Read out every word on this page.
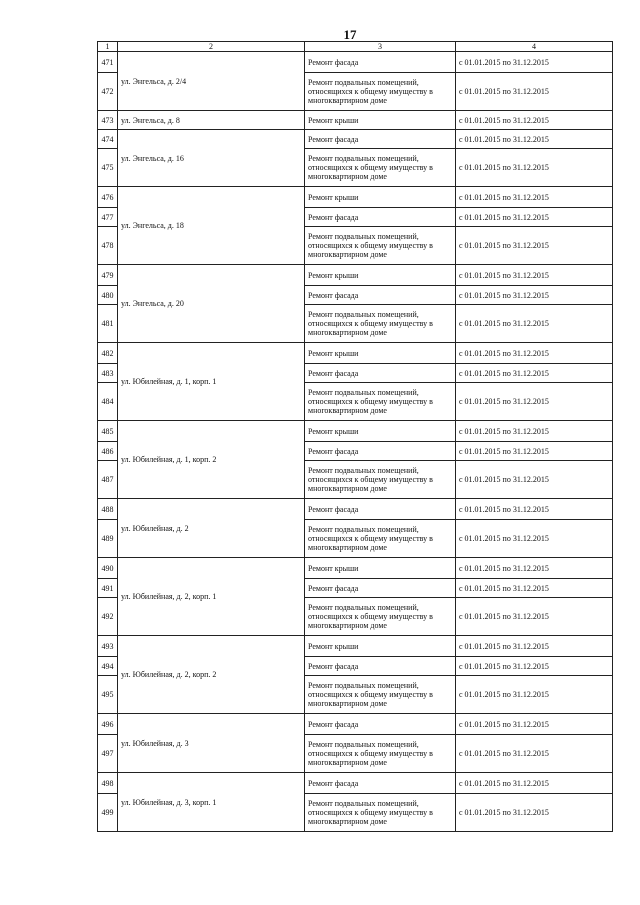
17
1	2	3	4
471	ул. Энгельса, д. 2/4	Ремонт фасада	с 01.01.2015 по 31.12.2015
472		Ремонт подвальных помещений, относящихся к общему имуществу в многоквартирном доме	с 01.01.2015 по 31.12.2015
473	ул. Энгельса, д. 8	Ремонт крыши	с 01.01.2015 по 31.12.2015
474	ул. Энгельса, д. 16	Ремонт фасада	с 01.01.2015 по 31.12.2015
475		Ремонт подвальных помещений, относящихся к общему имуществу в многоквартирном доме	с 01.01.2015 по 31.12.2015
476	ул. Энгельса, д. 18	Ремонт крыши	с 01.01.2015 по 31.12.2015
477		Ремонт фасада	с 01.01.2015 по 31.12.2015
478		Ремонт подвальных помещений, относящихся к общему имуществу в многоквартирном доме	с 01.01.2015 по 31.12.2015
479	ул. Энгельса, д. 20	Ремонт крыши	с 01.01.2015 по 31.12.2015
480		Ремонт фасада	с 01.01.2015 по 31.12.2015
481		Ремонт подвальных помещений, относящихся к общему имуществу в многоквартирном доме	с 01.01.2015 по 31.12.2015
482	ул. Юбилейная, д. 1, корп. 1	Ремонт крыши	с 01.01.2015 по 31.12.2015
483		Ремонт фасада	с 01.01.2015 по 31.12.2015
484		Ремонт подвальных помещений, относящихся к общему имуществу в многоквартирном доме	с 01.01.2015 по 31.12.2015
485	ул. Юбилейная, д. 1, корп. 2	Ремонт крыши	с 01.01.2015 по 31.12.2015
486		Ремонт фасада	с 01.01.2015 по 31.12.2015
487		Ремонт подвальных помещений, относящихся к общему имуществу в многоквартирном доме	с 01.01.2015 по 31.12.2015
488	ул. Юбилейная, д. 2	Ремонт фасада	с 01.01.2015 по 31.12.2015
489		Ремонт подвальных помещений, относящихся к общему имуществу в многоквартирном доме	с 01.01.2015 по 31.12.2015
490	ул. Юбилейная, д. 2, корп. 1	Ремонт крыши	с 01.01.2015 по 31.12.2015
491		Ремонт фасада	с 01.01.2015 по 31.12.2015
492		Ремонт подвальных помещений, относящихся к общему имуществу в многоквартирном доме	с 01.01.2015 по 31.12.2015
493	ул. Юбилейная, д. 2, корп. 2	Ремонт крыши	с 01.01.2015 по 31.12.2015
494		Ремонт фасада	с 01.01.2015 по 31.12.2015
495		Ремонт подвальных помещений, относящихся к общему имуществу в многоквартирном доме	с 01.01.2015 по 31.12.2015
496	ул. Юбилейная, д. 3	Ремонт фасада	с 01.01.2015 по 31.12.2015
497		Ремонт подвальных помещений, относящихся к общему имуществу в многоквартирном доме	с 01.01.2015 по 31.12.2015
498	ул. Юбилейная, д. 3, корп. 1	Ремонт фасада	с 01.01.2015 по 31.12.2015
499		Ремонт подвальных помещений, относящихся к общему имуществу в многоквартирном доме	с 01.01.2015 по 31.12.2015
